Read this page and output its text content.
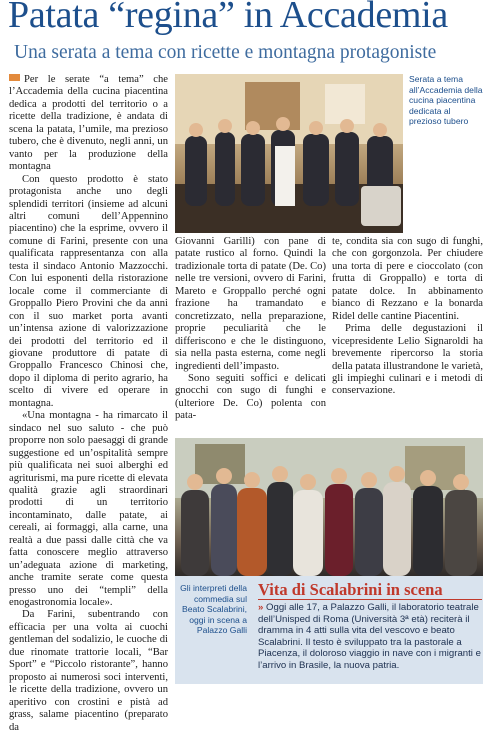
Patata “regina” in Accademia
Una serata a tema con ricette e montagna protagoniste

Per le serate “a tema” che l’Accademia della cucina piacentina dedica a prodotti del territorio o a ricette della tradizione, è andata di scena la patata, l’umile, ma prezioso tubero, che è divenuto, negli anni, un vanto per la produzione della montagna

Con questo prodotto è stato protagonista anche uno degli splendidi territori (insieme ad alcuni altri comuni dell’Appennino piacentino) che la esprime, ovvero il comune di Farini, presente con una qualificata rappresentanza con alla testa il sindaco Antonio Mazzocchi. Con lui esponenti della ristorazione locale come il commerciante di Groppallo Piero Provini che da anni con il suo market porta avanti un’intensa azione di valorizzazione dei prodotti del territorio ed il giovane produttore di patate di Groppallo Francesco Chinosi che, dopo il diploma di perito agrario, ha scelto di vivere ed operare in montagna.

«Una montagna - ha rimarcato il sindaco nel suo saluto - che può proporre non solo paesaggi di grande suggestione ed un’ospitalità sempre più qualificata nei suoi alberghi ed agriturismi, ma pure ricette di elevata qualità grazie agli straordinari prodotti di un territorio incontaminato, dalle patate, ai cereali, ai formaggi, alla carne, una realtà a due passi dalle città che va fatta conoscere meglio attraverso un’adeguata azione di marketing, anche tramite serate come questa presso uno dei “templi” della enogastronomia locale».

Da Farini, subentrando con efficacia per una volta ai cuochi gentleman del sodalizio, le cuoche di due rinomate trattorie locali, “Bar Sport” e “Piccolo ristorante”, hanno proposto ai numerosi soci interventi, le ricette della tradizione, ovvero un aperitivo con crostini e pistà ad grass, salame piacentino (preparato da

Serata a tema all’Accademia della cucina piacentina dedicata al prezioso tubero

Giovanni Garilli) con pane di patate rustico al forno. Quindi la tradizionale torta di patate (De. Co) nelle tre versioni, ovvero di Farini, Mareto e Groppallo perché ogni frazione ha tramandato e concretizzato, nella preparazione, proprie peculiarità che le differiscono e che le distinguono, sia nella pasta esterna, come negli ingredienti dell’impasto.

Sono seguiti soffici e delicati gnocchi con sugo di funghi e (ulteriore De. Co) polenta con pata-

te, condita sia con sugo di funghi, che con gorgonzola. Per chiudere una torta di pere e cioccolato (con frutta di Groppallo) e torta di patate dolce. In abbinamento bianco di Rezzano e la bonarda Ridel delle cantine Piacentini.

Prima delle degustazioni il vicepresidente Lelio Signaroldi ha brevemente ripercorso la storia della patata illustrandone le varietà, gli impieghi culinari e i metodi di conservazione.

Gli interpreti della commedia sul Beato Scalabrini, oggi in scena a Palazzo Galli
Vita di Scalabrini in scena
» Oggi alle 17, a Palazzo Galli, il laboratorio teatrale dell’Unisped di Roma (Università 3ª età) reciterà il dramma in 4 atti sulla vita del vescovo e beato Scalabrini. Il testo è sviluppato tra la pastorale a Piacenza, il doloroso viaggio in nave con i migranti e l’arrivo in Brasile, la nuova patria.
